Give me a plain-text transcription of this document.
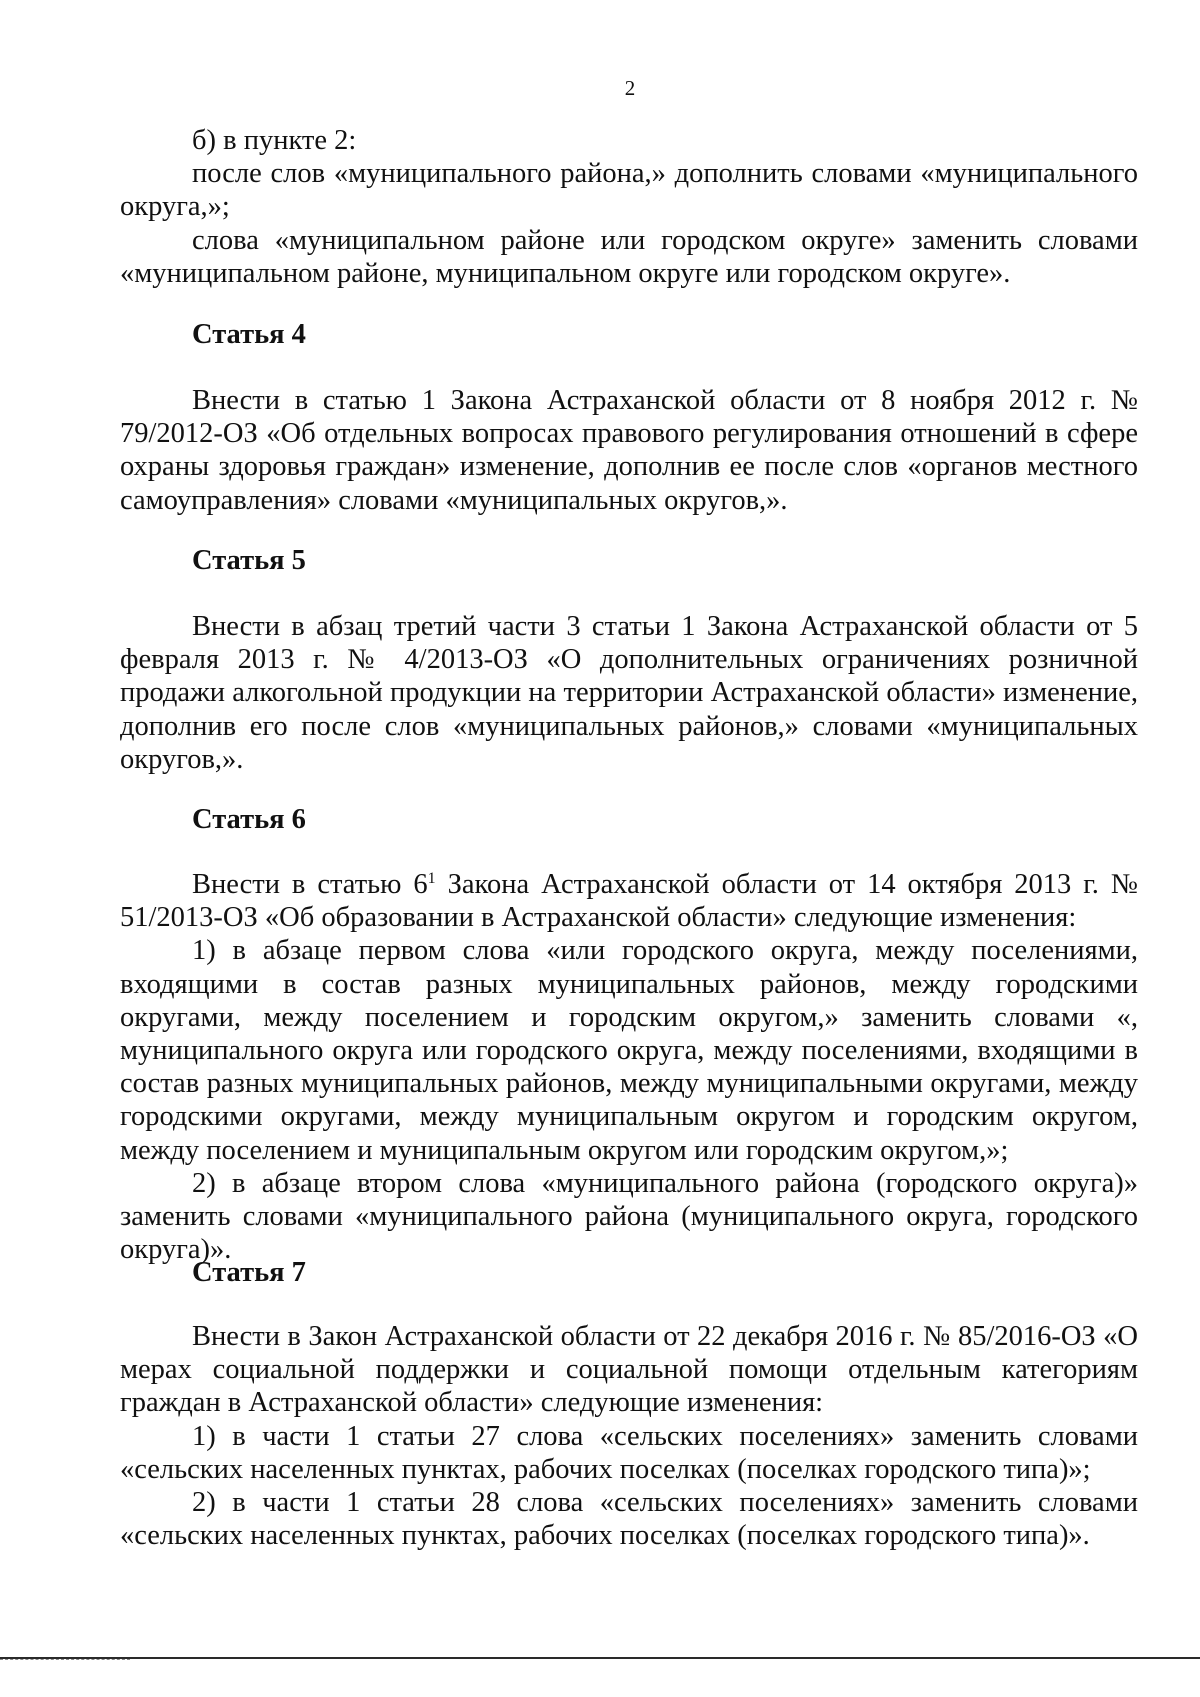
2

б) в пункте 2:

после слов «муниципального района,» дополнить словами «муниципального округа,»;

слова «муниципальном районе или городском округе» заменить словами «муниципальном районе, муниципальном округе или городском округе».

Статья 4

Внести в статью 1 Закона Астраханской области от 8 ноября 2012 г. № 79/2012-ОЗ «Об отдельных вопросах правового регулирования отношений в сфере охраны здоровья граждан» изменение, дополнив ее после слов «органов местного самоуправления» словами «муниципальных округов,».

Статья 5

Внести в абзац третий части 3 статьи 1 Закона Астраханской области от 5 февраля 2013 г. № 4/2013-ОЗ «О дополнительных ограничениях розничной продажи алкогольной продукции на территории Астраханской области» изменение, дополнив его после слов «муниципальных районов,» словами «муниципальных округов,».

Статья 6

Внести в статью $6^1$ Закона Астраханской области от 14 октября 2013 г. № 51/2013-ОЗ «Об образовании в Астраханской области» следующие изменения:

1) в абзаце первом слова «или городского округа, между поселениями, входящими в состав разных муниципальных районов, между городскими округами, между поселением и городским округом,» заменить словами «, муниципального округа или городского округа, между поселениями, входящими в состав разных муниципальных районов, между муниципальными округами, между городскими округами, между муниципальным округом и городским округом, между поселением и муниципальным округом или городским округом,»;

2) в абзаце втором слова «муниципального района (городского округа)» заменить словами «муниципального района (муниципального округа, городского округа)».

Статья 7

Внести в Закон Астраханской области от 22 декабря 2016 г. № 85/2016-ОЗ «О мерах социальной поддержки и социальной помощи отдельным категориям граждан в Астраханской области» следующие изменения:

1) в части 1 статьи 27 слова «сельских поселениях» заменить словами «сельских населенных пунктах, рабочих поселках (поселках городского типа)»;

2) в части 1 статьи 28 слова «сельских поселениях» заменить словами «сельских населенных пунктах, рабочих поселках (поселках городского типа)».
